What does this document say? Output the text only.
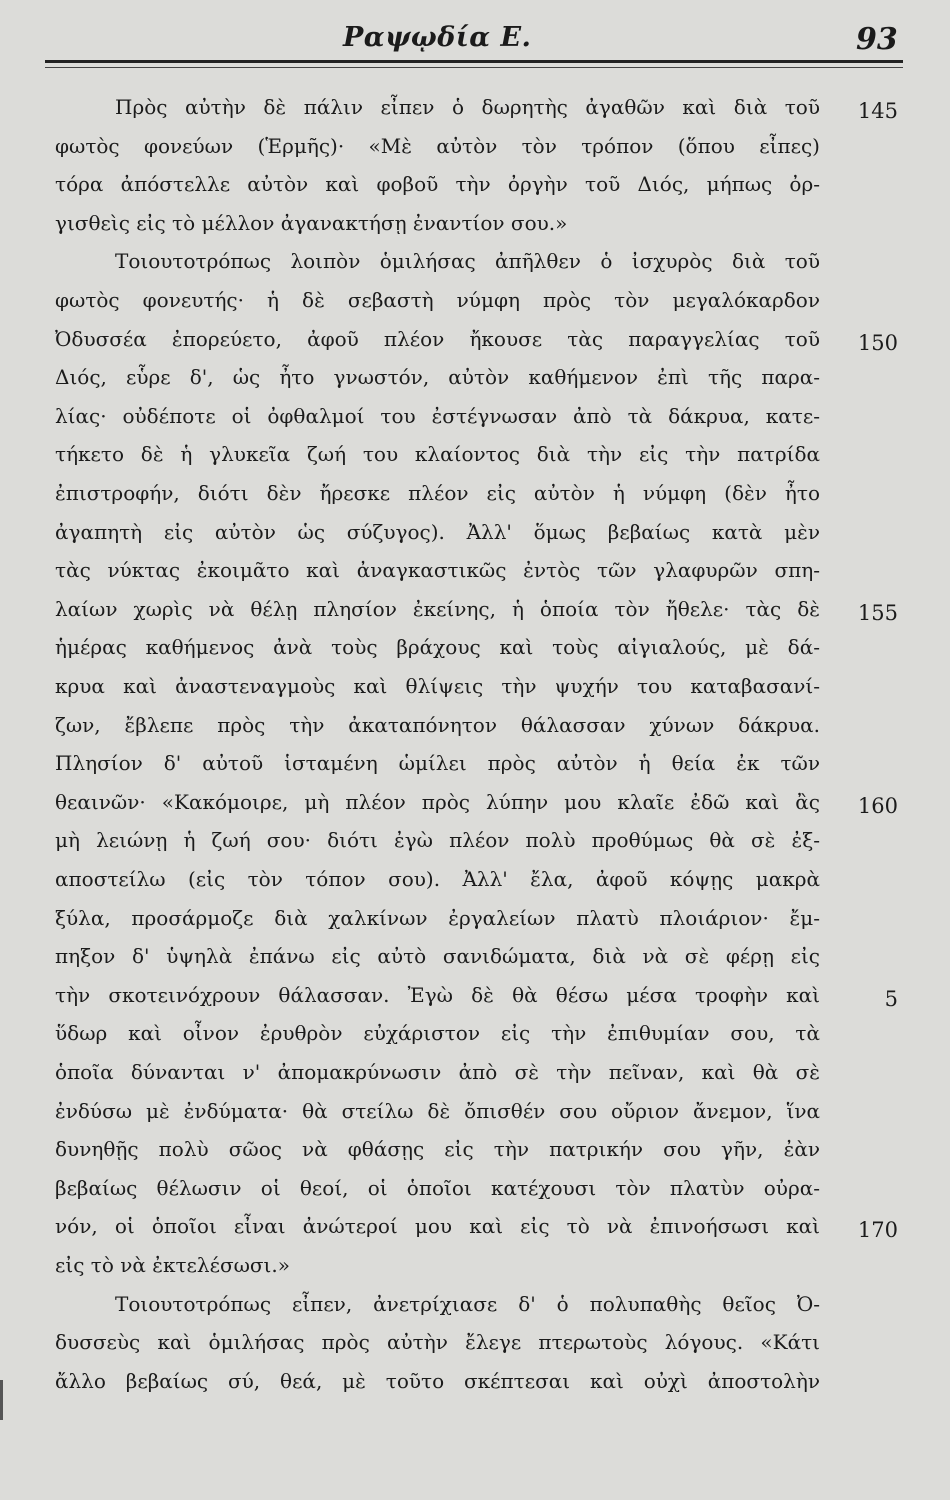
Ραψῳδία Ε.	93
Πρὸς αὐτὴν δὲ πάλιν εἶπεν ὁ δωρητὴς ἀγαθῶν καὶ διὰ τοῦ
φωτὸς φονεύων (Ἑρμῆς)· «Μὲ αὐτὸν τὸν τρόπον (ὅπου εἶπες)
τόρα ἀπόστελλε αὐτὸν καὶ φοβοῦ τὴν ὀργὴν τοῦ Διός, μήπως ὀρ-
γισθεὶς εἰς τὸ μέλλον ἀγανακτήσῃ ἐναντίον σου.»
Τοιουτοτρόπως λοιπὸν ὁμιλήσας ἀπῆλθεν ὁ ἰσχυρὸς διὰ τοῦ
φωτὸς φονευτής· ἡ δὲ σεβαστὴ νύμφη πρὸς τὸν μεγαλόκαρδον
Ὀδυσσέα ἐπορεύετο, ἀφοῦ πλέον ἤκουσε τὰς παραγγελίας τοῦ
Διός, εὗρε δ', ὡς ἦτο γνωστόν, αὐτὸν καθήμενον ἐπὶ τῆς παρα-
λίας· οὐδέποτε οἱ ὀφθαλμοί του ἐστέγνωσαν ἀπὸ τὰ δάκρυα, κατε-
τήκετο δὲ ἡ γλυκεῖα ζωή του κλαίοντος διὰ τὴν εἰς τὴν πατρίδα
ἐπιστροφήν, διότι δὲν ἤρεσκε πλέον εἰς αὐτὸν ἡ νύμφη (δὲν ἦτο
ἀγαπητὴ εἰς αὐτὸν ὡς σύζυγος). Ἀλλ' ὅμως βεβαίως κατὰ μὲν
τὰς νύκτας ἐκοιμᾶτο καὶ ἀναγκαστικῶς ἐντὸς τῶν γλαφυρῶν σπη-
λαίων χωρὶς νὰ θέλῃ πλησίον ἐκείνης, ἡ ὁποία τὸν ἤθελε· τὰς δὲ
ἡμέρας καθήμενος ἀνὰ τοὺς βράχους καὶ τοὺς αἰγιαλούς, μὲ δά-
κρυα καὶ ἀναστεναγμοὺς καὶ θλίψεις τὴν ψυχήν του καταβασανί-
ζων, ἔβλεπε πρὸς τὴν ἀκαταπόνητον θάλασσαν χύνων δάκρυα.
Πλησίον δ' αὐτοῦ ἱσταμένη ὡμίλει πρὸς αὐτὸν ἡ θεία ἐκ τῶν
θεαινῶν· «Κακόμοιρε, μὴ πλέον πρὸς λύπην μου κλαῖε ἐδῶ καὶ ἂς
μὴ λειώνῃ ἡ ζωή σου· διότι ἐγὼ πλέον πολὺ προθύμως θὰ σὲ ἐξ-
αποστείλω (εἰς τὸν τόπον σου). Ἀλλ' ἔλα, ἀφοῦ κόψῃς μακρὰ
ξύλα, προσάρμοζε διὰ χαλκίνων ἐργαλείων πλατὺ πλοιάριον· ἔμ-
πηξον δ' ὑψηλὰ ἐπάνω εἰς αὐτὸ σανιδώματα, διὰ νὰ σὲ φέρῃ εἰς
τὴν σκοτεινόχρουν θάλασσαν. Ἐγὼ δὲ θὰ θέσω μέσα τροφὴν καὶ
ὕδωρ καὶ οἶνον ἐρυθρὸν εὐχάριστον εἰς τὴν ἐπιθυμίαν σου, τὰ
ὁποῖα δύνανται ν' ἀπομακρύνωσιν ἀπὸ σὲ τὴν πεῖναν, καὶ θὰ σὲ
ἐνδύσω μὲ ἐνδύματα· θὰ στείλω δὲ ὄπισθέν σου οὔριον ἄνεμον, ἵνα
δυνηθῇς πολὺ σῶος νὰ φθάσῃς εἰς τὴν πατρικήν σου γῆν, ἐὰν
βεβαίως θέλωσιν οἱ θεοί, οἱ ὁποῖοι κατέχουσι τὸν πλατὺν οὐρα-
νόν, οἱ ὁποῖοι εἶναι ἀνώτεροί μου καὶ εἰς τὸ νὰ ἐπινοήσωσι καὶ
εἰς τὸ νὰ ἐκτελέσωσι.»
Τοιουτοτρόπως εἶπεν, ἀνετρίχιασε δ' ὁ πολυπαθὴς θεῖος Ὀ-
δυσσεὺς καὶ ὁμιλήσας πρὸς αὐτὴν ἔλεγε πτερωτοὺς λόγους. «Κάτι
ἄλλο βεβαίως σύ, θεά, μὲ τοῦτο σκέπτεσαι καὶ οὐχὶ ἀποστολὴν
145
150
155
160
5
170
